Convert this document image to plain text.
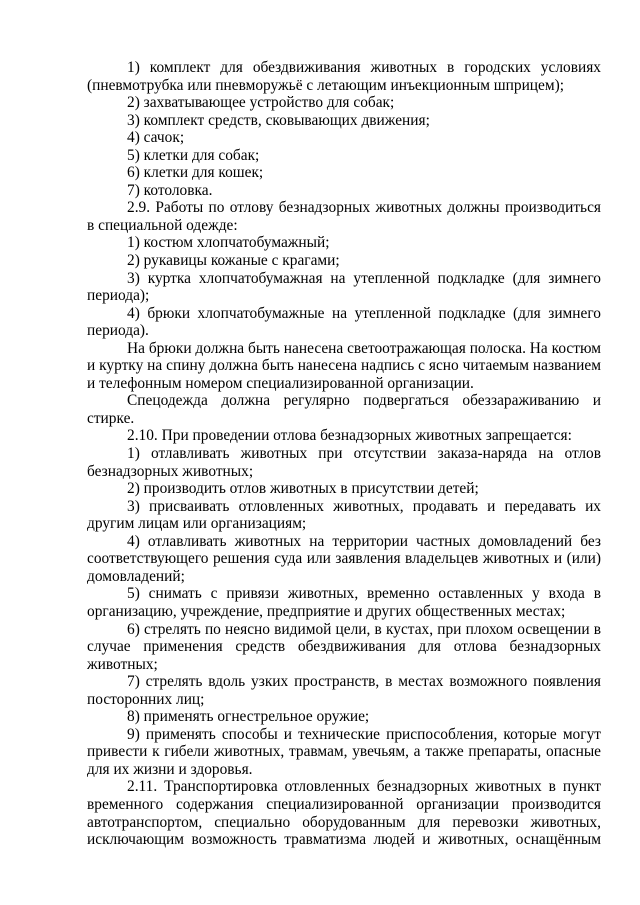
1) комплект для обездвиживания животных в городских условиях (пневмотрубка или пневморужьё с летающим инъекционным шприцем);

2) захватывающее устройство для собак;

3) комплект средств, сковывающих движения;

4) сачок;

5) клетки для собак;

6) клетки для кошек;

7) котоловка.

2.9. Работы по отлову безнадзорных животных должны производиться в специальной одежде:

1) костюм хлопчатобумажный;

2) рукавицы кожаные с крагами;

3) куртка хлопчатобумажная на утепленной подкладке (для зимнего периода);

4) брюки хлопчатобумажные на утепленной подкладке (для зимнего периода).

На брюки должна быть нанесена светоотражающая полоска. На костюм и куртку на спину должна быть нанесена надпись с ясно читаемым названием и телефонным номером специализированной организации.

Спецодежда должна регулярно подвергаться обеззараживанию и стирке.

2.10. При проведении отлова безнадзорных животных запрещается:

1) отлавливать животных при отсутствии заказа-наряда на отлов безнадзорных животных;

2) производить отлов животных в присутствии детей;

3) присваивать отловленных животных, продавать и передавать их другим лицам или организациям;

4) отлавливать животных на территории частных домовладений без соответствующего решения суда или заявления владельцев животных и (или) домовладений;

5) снимать с привязи животных, временно оставленных у входа в организацию, учреждение, предприятие и других общественных местах;

6) стрелять по неясно видимой цели, в кустах, при плохом освещении в случае применения средств обездвиживания для отлова безнадзорных животных;

7) стрелять вдоль узких пространств, в местах возможного появления посторонних лиц;

8) применять огнестрельное оружие;

9) применять способы и технические приспособления, которые могут привести к гибели животных, травмам, увечьям, а также препараты, опасные для их жизни и здоровья.

2.11. Транспортировка отловленных безнадзорных животных в пункт временного содержания специализированной организации производится автотранспортом, специально оборудованным для перевозки животных, исключающим возможность травматизма людей и животных, оснащённым
